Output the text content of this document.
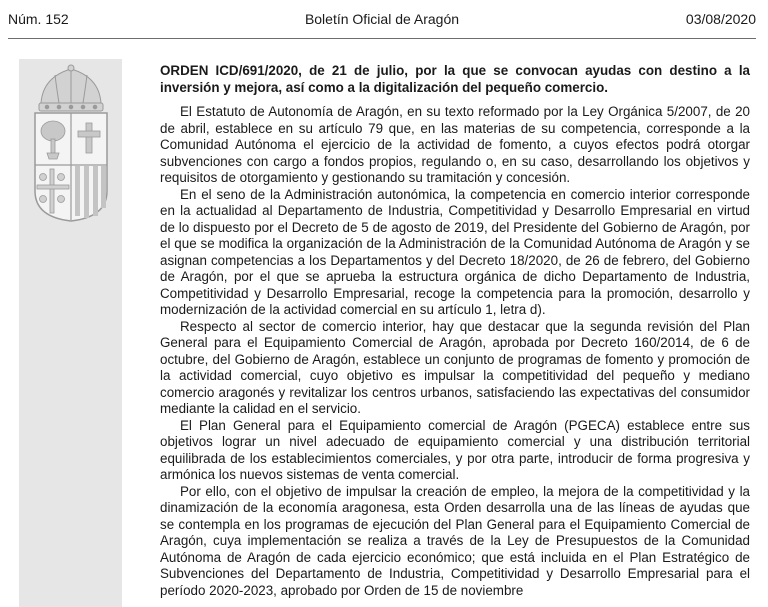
Núm. 152	Boletín Oficial de Aragón	03/08/2020

ORDEN ICD/691/2020, de 21 de julio, por la que se convocan ayudas con destino a la inversión y mejora, así como a la digitalización del pequeño comercio.

El Estatuto de Autonomía de Aragón, en su texto reformado por la Ley Orgánica 5/2007, de 20 de abril, establece en su artículo 79 que, en las materias de su competencia, corresponde a la Comunidad Autónoma el ejercicio de la actividad de fomento, a cuyos efectos podrá otorgar subvenciones con cargo a fondos propios, regulando o, en su caso, desarrollando los objetivos y requisitos de otorgamiento y gestionando su tramitación y concesión.

En el seno de la Administración autonómica, la competencia en comercio interior corresponde en la actualidad al Departamento de Industria, Competitividad y Desarrollo Empresarial en virtud de lo dispuesto por el Decreto de 5 de agosto de 2019, del Presidente del Gobierno de Aragón, por el que se modifica la organización de la Administración de la Comunidad Autónoma de Aragón y se asignan competencias a los Departamentos y del Decreto 18/2020, de 26 de febrero, del Gobierno de Aragón, por el que se aprueba la estructura orgánica de dicho Departamento de Industria, Competitividad y Desarrollo Empresarial, recoge la competencia para la promoción, desarrollo y modernización de la actividad comercial en su artículo 1, letra d).

Respecto al sector de comercio interior, hay que destacar que la segunda revisión del Plan General para el Equipamiento Comercial de Aragón, aprobada por Decreto 160/2014, de 6 de octubre, del Gobierno de Aragón, establece un conjunto de programas de fomento y promoción de la actividad comercial, cuyo objetivo es impulsar la competitividad del pequeño y mediano comercio aragonés y revitalizar los centros urbanos, satisfaciendo las expectativas del consumidor mediante la calidad en el servicio.

El Plan General para el Equipamiento comercial de Aragón (PGECA) establece entre sus objetivos lograr un nivel adecuado de equipamiento comercial y una distribución territorial equilibrada de los establecimientos comerciales, y por otra parte, introducir de forma progresiva y armónica los nuevos sistemas de venta comercial.

Por ello, con el objetivo de impulsar la creación de empleo, la mejora de la competitividad y la dinamización de la economía aragonesa, esta Orden desarrolla una de las líneas de ayudas que se contempla en los programas de ejecución del Plan General para el Equipamiento Comercial de Aragón, cuya implementación se realiza a través de la Ley de Presupuestos de la Comunidad Autónoma de Aragón de cada ejercicio económico; que está incluida en el Plan Estratégico de Subvenciones del Departamento de Industria, Competitividad y Desarrollo Empresarial para el período 2020-2023, aprobado por Orden de 15 de noviembre
